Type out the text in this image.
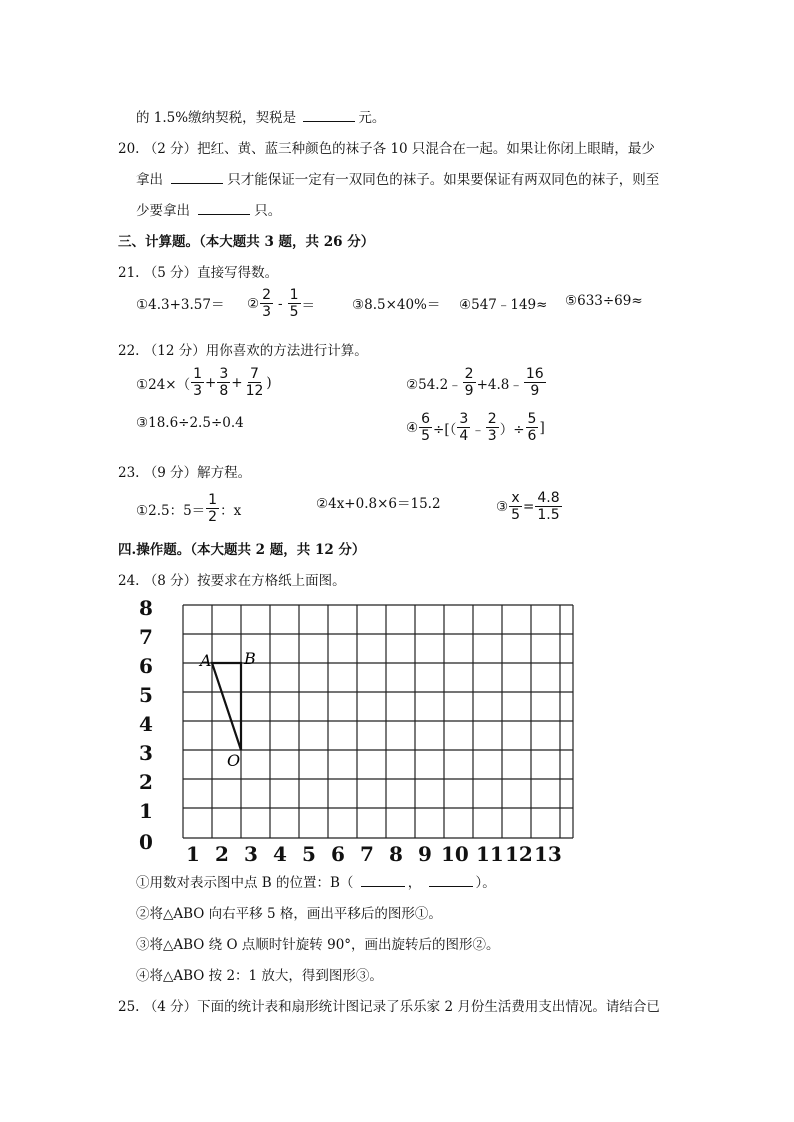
的 1.5%缴纳契税，契税是	元。
20. （2 分）把红、黄、蓝三种颜色的袜子各 10 只混合在一起。如果让你闭上眼睛，最少
拿出	只才能保证一定有一双同色的袜子。如果要保证有两双同色的袜子，则至
少要拿出	只。
三、计算题。（本大题共 3 题，共 26 分）
21. （5 分）直接写得数。
①4.3+3.57＝ ② $\frac{2}{3} - \frac{1}{5}$ ＝	③8.5×40%＝ ④547﹣149≈ ⑤633÷69≈
22. （12 分）用你喜欢的方法进行计算。
①24×（ $\frac{1}{3} + \frac{3}{8} + \frac{7}{12}$ )	②54.2﹣ $\frac{2}{9}$ +4.8﹣ $\frac{16}{9}$
③18.6÷2.5÷0.4	④ $\frac{6}{5}$ ÷[（ $\frac{3}{4}$ ﹣ $\frac{2}{3}$ ）÷ $\frac{5}{6}$ ]
23. （9 分）解方程。
①2.5：$5= \frac{1}{2}$ ：x	②4x+0.8×6＝15.2	③ $\frac{x}{5} = \frac{4.8}{1.5}$
四.操作题。（本大题共 2 题，共 12 分）
24. （8 分）按要求在方格纸上面图。
8
7
6
5
4
3
2
1
0 1 2 3 4 5 6 7 8 9 10 11 12 13
A B
O
①用数对表示图中点 B 的位置：B（	，	）。
②将△ABO 向右平移 5 格，画出平移后的图形①。
③将△ABO 绕 O 点顺时针旋转 90°，画出旋转后的图形②。
④将△ABO 按 2：1 放大，得到图形③。
25. （4 分）下面的统计表和扇形统计图记录了乐乐家 2 月份生活费用支出情况。请结合已
